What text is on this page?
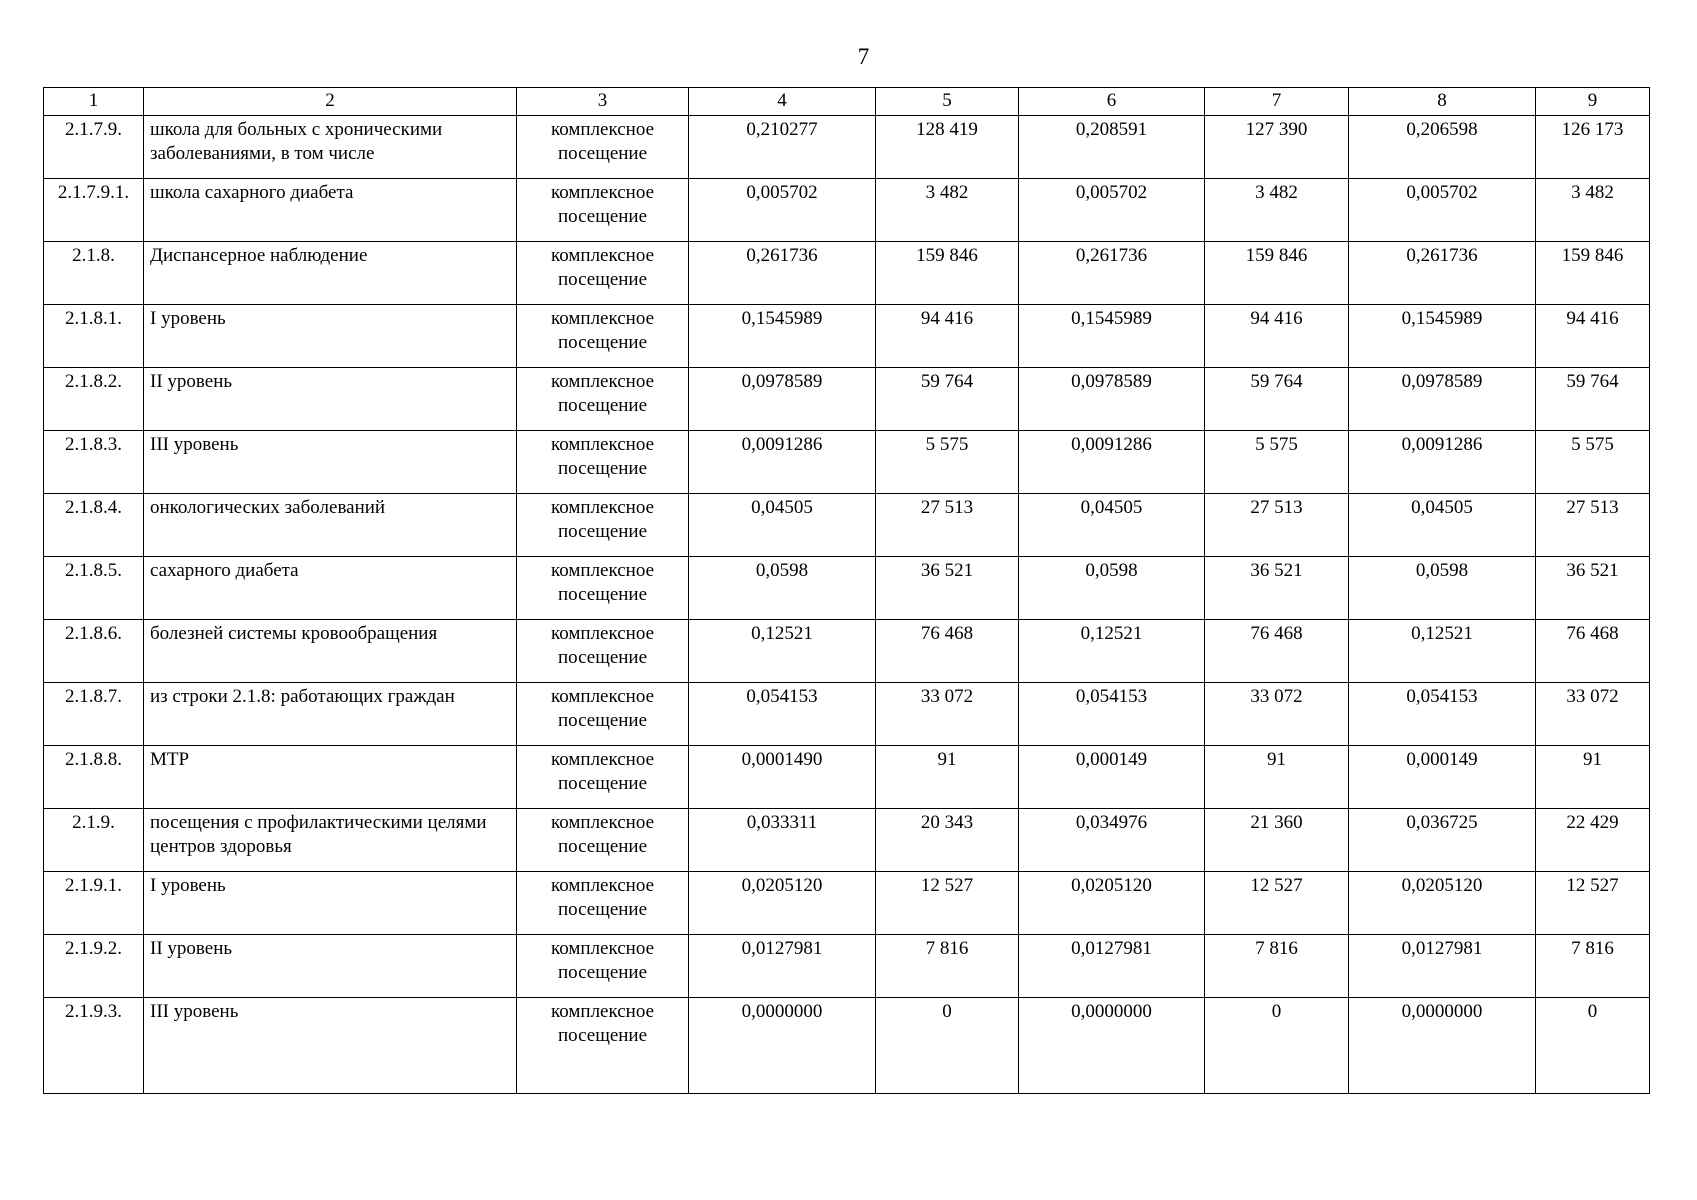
7
1	2	3	4	5	6	7	8	9
2.1.7.9.	школа для больных с хроническими заболеваниями, в том числе	комплексное посещение	0,210277	128 419	0,208591	127 390	0,206598	126 173
2.1.7.9.1.	школа сахарного диабета	комплексное посещение	0,005702	3 482	0,005702	3 482	0,005702	3 482
2.1.8.	Диспансерное наблюдение	комплексное посещение	0,261736	159 846	0,261736	159 846	0,261736	159 846
2.1.8.1.	I уровень	комплексное посещение	0,1545989	94 416	0,1545989	94 416	0,1545989	94 416
2.1.8.2.	II уровень	комплексное посещение	0,0978589	59 764	0,0978589	59 764	0,0978589	59 764
2.1.8.3.	III уровень	комплексное посещение	0,0091286	5 575	0,0091286	5 575	0,0091286	5 575
2.1.8.4.	онкологических заболеваний	комплексное посещение	0,04505	27 513	0,04505	27 513	0,04505	27 513
2.1.8.5.	сахарного диабета	комплексное посещение	0,0598	36 521	0,0598	36 521	0,0598	36 521
2.1.8.6.	болезней системы кровообращения	комплексное посещение	0,12521	76 468	0,12521	76 468	0,12521	76 468
2.1.8.7.	из строки 2.1.8: работающих граждан	комплексное посещение	0,054153	33 072	0,054153	33 072	0,054153	33 072
2.1.8.8.	МТР	комплексное посещение	0,0001490	91	0,000149	91	0,000149	91
2.1.9.	посещения с профилактическими целями центров здоровья	комплексное посещение	0,033311	20 343	0,034976	21 360	0,036725	22 429
2.1.9.1.	I уровень	комплексное посещение	0,0205120	12 527	0,0205120	12 527	0,0205120	12 527
2.1.9.2.	II уровень	комплексное посещение	0,0127981	7 816	0,0127981	7 816	0,0127981	7 816
2.1.9.3.	III уровень	комплексное посещение	0,0000000	0	0,0000000	0	0,0000000	0
